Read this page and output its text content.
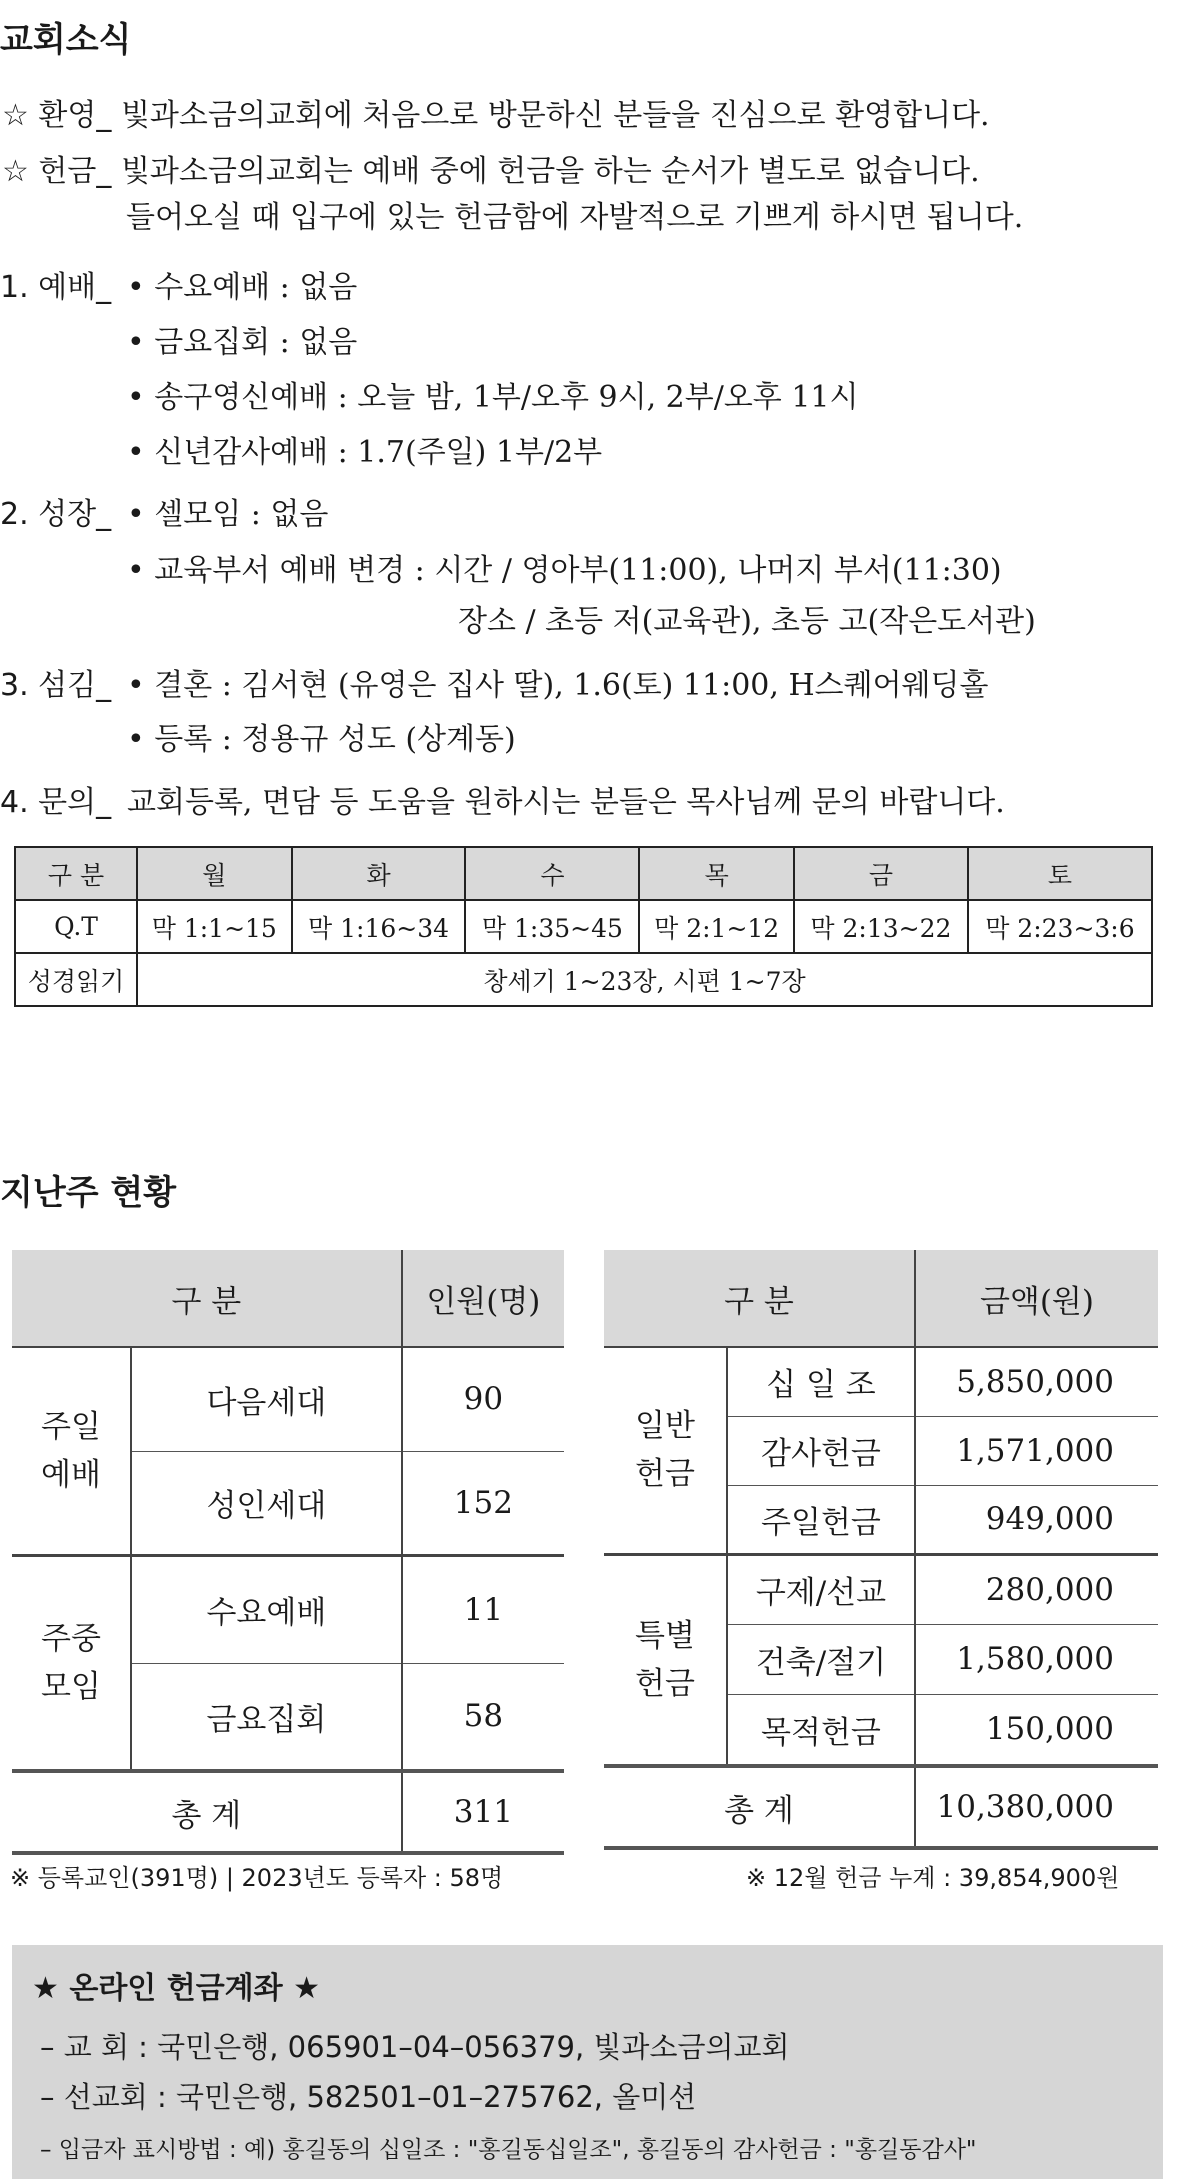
교회소식
☆ 환영_ 빛과소금의교회에 처음으로 방문하신 분들을 진심으로 환영합니다.
☆ 헌금_ 빛과소금의교회는 예배 중에 헌금을 하는 순서가 별도로 없습니다.
들어오실 때 입구에 있는 헌금함에 자발적으로 기쁘게 하시면 됩니다.
1. 예배_ • 수요예배 : 없음
• 금요집회 : 없음
• 송구영신예배 : 오늘 밤, 1부/오후 9시, 2부/오후 11시
• 신년감사예배 : 1.7(주일) 1부/2부
2. 성장_ • 셀모임 : 없음
• 교육부서 예배 변경 : 시간 / 영아부(11:00), 나머지 부서(11:30)
장소 / 초등 저(교육관), 초등 고(작은도서관)
3. 섬김_ • 결혼 : 김서현 (유영은 집사 딸), 1.6(토) 11:00, H스퀘어웨딩홀
• 등록 : 정용규 성도 (상계동)
4. 문의_ 교회등록, 면담 등 도움을 원하시는 분들은 목사님께 문의 바랍니다.
구 분	월	화	수	목	금	토
Q.T	막 1:1~15	막 1:16~34	막 1:35~45	막 2:1~12	막 2:13~22	막 2:23~3:6
성경읽기	창세기 1~23장, 시편 1~7장					
지난주 현황
구 분		인원(명)
주일
예배	다음세대	90
	성인세대	152
주중
모임	수요예배	11
	금요집회	58
총 계		311
※ 등록교인(391명) | 2023년도 등록자 : 58명
구 분		금액(원)
일반
헌금	십 일 조	5,850,000
	감사헌금	1,571,000
	주일헌금	949,000
특별
헌금	구제/선교	280,000
	건축/절기	1,580,000
	목적헌금	150,000
총 계		10,380,000
※ 12월 헌금 누계 : 39,854,900원
★ 온라인 헌금계좌 ★
– 교 회 : 국민은행, 065901–04–056379, 빛과소금의교회
– 선교회 : 국민은행, 582501–01–275762, 올미션
– 입금자 표시방법 : 예) 홍길동의 십일조 : "홍길동십일조", 홍길동의 감사헌금 : "홍길동감사"
